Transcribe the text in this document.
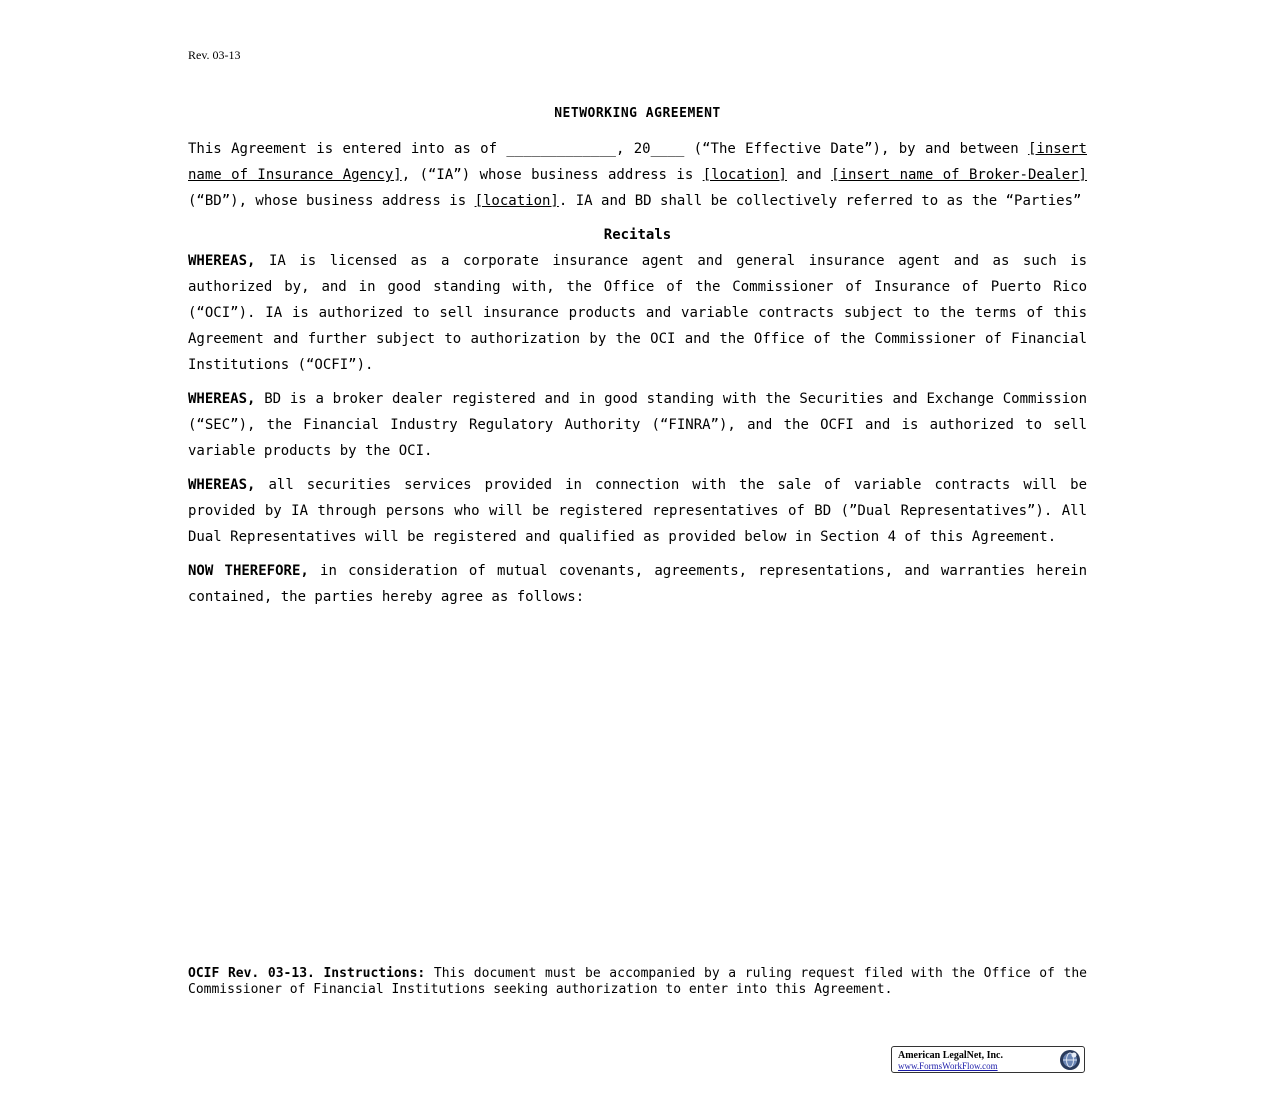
Rev. 03-13
NETWORKING AGREEMENT

This Agreement is entered into as of _____________, 20____ (“The Effective Date”), by and between [insert name of Insurance Agency], (“IA”) whose business address is [location] and [insert name of Broker-Dealer] (“BD”), whose business address is [location]. IA and BD shall be collectively referred to as the “Parties”

Recitals

WHEREAS, IA is licensed as a corporate insurance agent and general insurance agent and as such is authorized by, and in good standing with, the Office of the Commissioner of Insurance of Puerto Rico (“OCI”). IA is authorized to sell insurance products and variable contracts subject to the terms of this Agreement and further subject to authorization by the OCI and the Office of the Commissioner of Financial Institutions (“OCFI”).

WHEREAS, BD is a broker dealer registered and in good standing with the Securities and Exchange Commission (“SEC”), the Financial Industry Regulatory Authority (“FINRA”), and the OCFI and is authorized to sell variable products by the OCI.

WHEREAS, all securities services provided in connection with the sale of variable contracts will be provided by IA through persons who will be registered representatives of BD (”Dual Representatives”). All Dual Representatives will be registered and qualified as provided below in Section 4 of this Agreement.

NOW THEREFORE, in consideration of mutual covenants, agreements, representations, and warranties herein contained, the parties hereby agree as follows:

OCIF Rev. 03-13. Instructions: This document must be accompanied by a ruling request filed with the Office of the Commissioner of Financial Institutions seeking authorization to enter into this Agreement.
American LegalNet, Inc.
www.FormsWorkFlow.com
